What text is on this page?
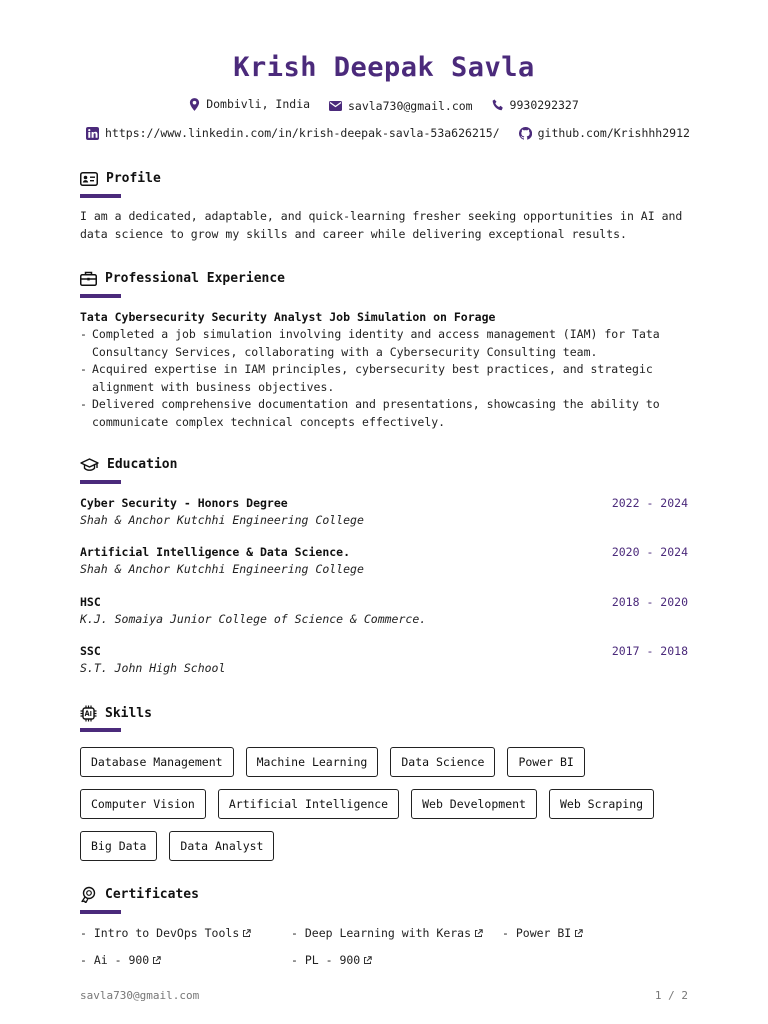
Krish Deepak Savla
Dombivli, India
	savla730@gmail.com
	9930292327
https://www.linkedin.com/in/krish-deepak-savla-53a626215/
	github.com/Krishhh2912
Profile
I am a dedicated, adaptable, and quick-learning fresher seeking opportunities in AI and data science to grow my skills and career while delivering exceptional results.
Professional Experience
Tata Cybersecurity Security Analyst Job Simulation on Forage
- Completed a job simulation involving identity and access management (IAM) for Tata Consultancy Services, collaborating with a Cybersecurity Consulting team.
- Acquired expertise in IAM principles, cybersecurity best practices, and strategic alignment with business objectives.
- Delivered comprehensive documentation and presentations, showcasing the ability to communicate complex technical concepts effectively.
Education
Cyber Security - Honors Degree
Shah & Anchor Kutchhi Engineering College
2022 - 2024
Artificial Intelligence & Data Science.
Shah & Anchor Kutchhi Engineering College
2020 - 2024
HSC
K.J. Somaiya Junior College of Science & Commerce.
2018 - 2020
SSC
S.T. John High School
2017 - 2018
Skills
Database Management	Machine Learning	Data Science	Power BI
Computer Vision	Artificial Intelligence	Web Development	Web Scraping
Big Data	Data Analyst
Certificates
- Intro to DevOps Tools	- Deep Learning with Keras	- Power BI
- Ai - 900	- PL - 900
savla730@gmail.com	1 / 2
